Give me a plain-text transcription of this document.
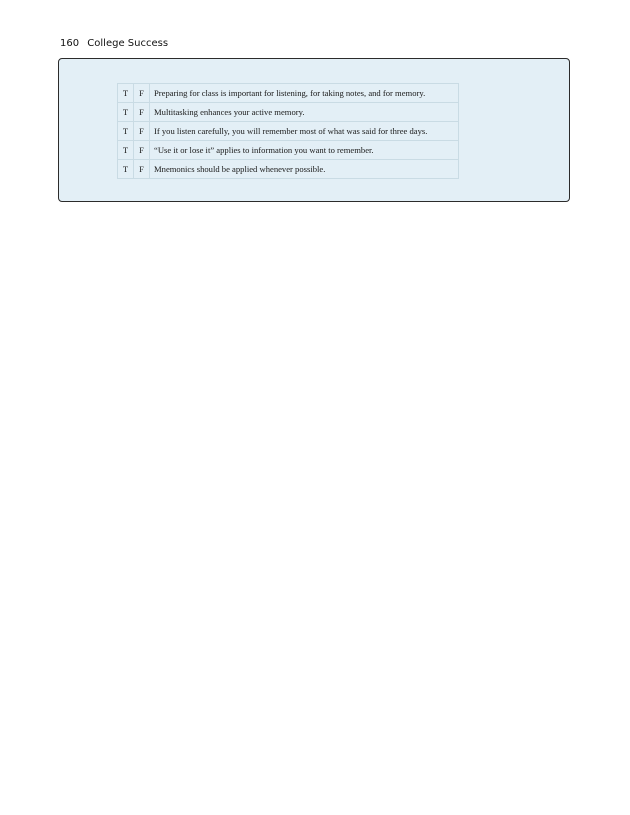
160 College Success
T	F	Preparing for class is important for listening, for taking notes, and for memory.
T	F	Multitasking enhances your active memory.
T	F	If you listen carefully, you will remember most of what was said for three days.
T	F	“Use it or lose it” applies to information you want to remember.
T	F	Mnemonics should be applied whenever possible.
